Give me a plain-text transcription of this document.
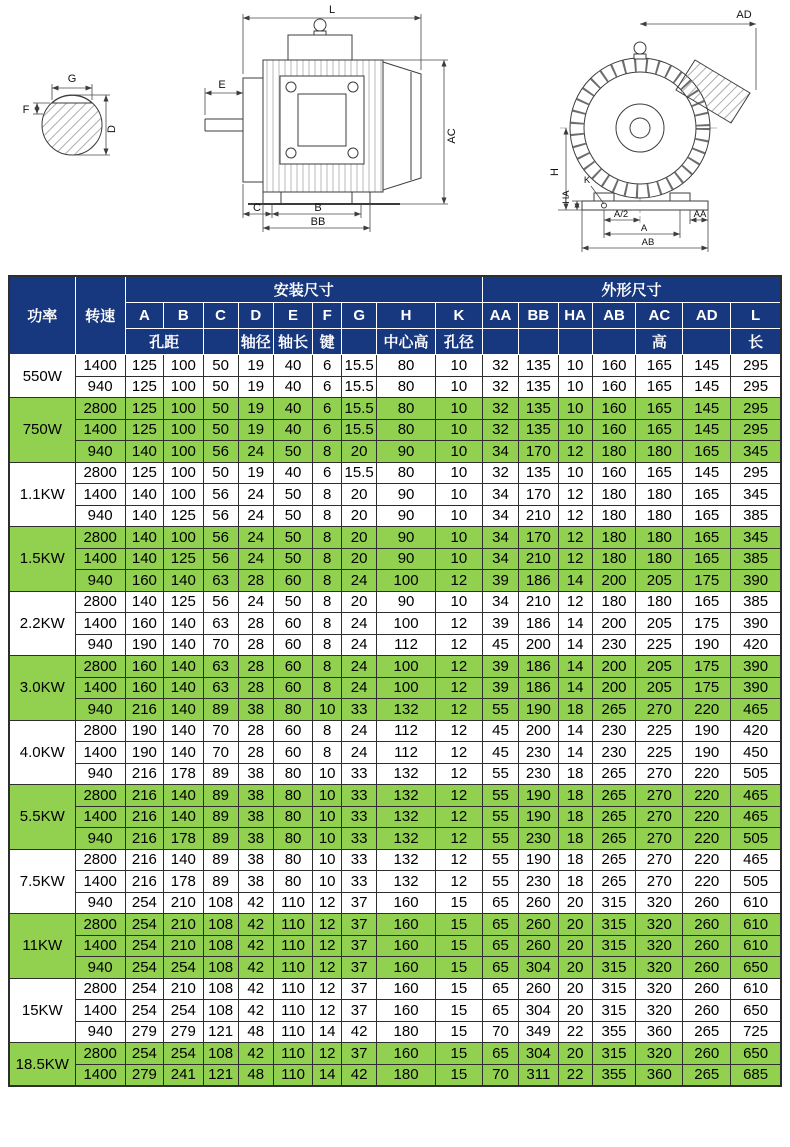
G
F
D
L
E
AC
C	B
BB
AD
H
HA
K
A/2	AA
A
AB
功率	转速	安装尺寸									外形尺寸						
		A	B	C	D	E	F	G	H	K	AA	BB	HA	AB	AC	AD	L
		孔距			轴径	轴长	键		中心高	孔径					高		长
550W	1400	125	100	50	19	40	6	15.5	80	10	32	135	10	160	165	145	295
	940	125	100	50	19	40	6	15.5	80	10	32	135	10	160	165	145	295
750W	2800	125	100	50	19	40	6	15.5	80	10	32	135	10	160	165	145	295
	1400	125	100	50	19	40	6	15.5	80	10	32	135	10	160	165	145	295
	940	140	100	56	24	50	8	20	90	10	34	170	12	180	180	165	345
1.1KW	2800	125	100	50	19	40	6	15.5	80	10	32	135	10	160	165	145	295
	1400	140	100	56	24	50	8	20	90	10	34	170	12	180	180	165	345
	940	140	125	56	24	50	8	20	90	10	34	210	12	180	180	165	385
1.5KW	2800	140	100	56	24	50	8	20	90	10	34	170	12	180	180	165	345
	1400	140	125	56	24	50	8	20	90	10	34	210	12	180	180	165	385
	940	160	140	63	28	60	8	24	100	12	39	186	14	200	205	175	390
2.2KW	2800	140	125	56	24	50	8	20	90	10	34	210	12	180	180	165	385
	1400	160	140	63	28	60	8	24	100	12	39	186	14	200	205	175	390
	940	190	140	70	28	60	8	24	112	12	45	200	14	230	225	190	420
3.0KW	2800	160	140	63	28	60	8	24	100	12	39	186	14	200	205	175	390
	1400	160	140	63	28	60	8	24	100	12	39	186	14	200	205	175	390
	940	216	140	89	38	80	10	33	132	12	55	190	18	265	270	220	465
4.0KW	2800	190	140	70	28	60	8	24	112	12	45	200	14	230	225	190	420
	1400	190	140	70	28	60	8	24	112	12	45	230	14	230	225	190	450
	940	216	178	89	38	80	10	33	132	12	55	230	18	265	270	220	505
5.5KW	2800	216	140	89	38	80	10	33	132	12	55	190	18	265	270	220	465
	1400	216	140	89	38	80	10	33	132	12	55	190	18	265	270	220	465
	940	216	178	89	38	80	10	33	132	12	55	230	18	265	270	220	505
7.5KW	2800	216	140	89	38	80	10	33	132	12	55	190	18	265	270	220	465
	1400	216	178	89	38	80	10	33	132	12	55	230	18	265	270	220	505
	940	254	210	108	42	110	12	37	160	15	65	260	20	315	320	260	610
11KW	2800	254	210	108	42	110	12	37	160	15	65	260	20	315	320	260	610
	1400	254	210	108	42	110	12	37	160	15	65	260	20	315	320	260	610
	940	254	254	108	42	110	12	37	160	15	65	304	20	315	320	260	650
15KW	2800	254	210	108	42	110	12	37	160	15	65	260	20	315	320	260	610
	1400	254	254	108	42	110	12	37	160	15	65	304	20	315	320	260	650
	940	279	279	121	48	110	14	42	180	15	70	349	22	355	360	265	725
18.5KW	2800	254	254	108	42	110	12	37	160	15	65	304	20	315	320	260	650
	1400	279	241	121	48	110	14	42	180	15	70	311	22	355	360	265	685
